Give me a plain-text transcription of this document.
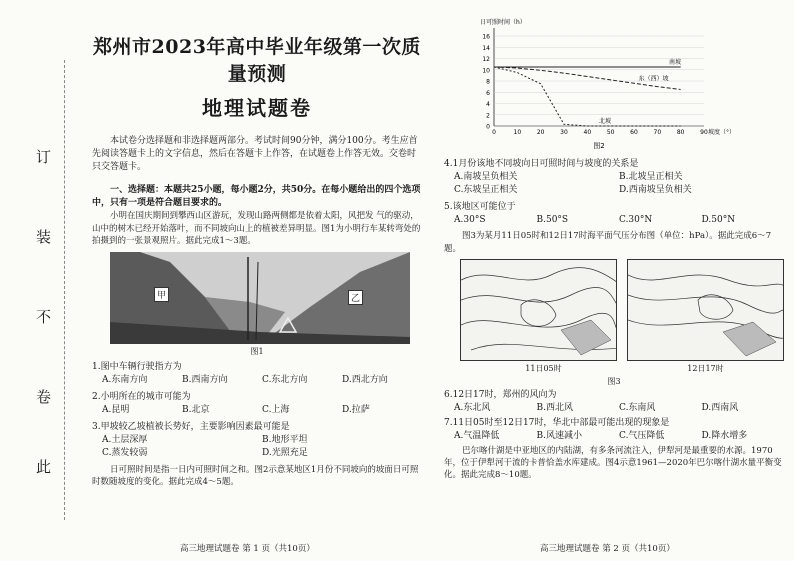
订
装
不
卷
此
郑州市2023年高中毕业年级第一次质量预测
地理试题卷

本试卷分选择题和非选择题两部分。考试时间90分钟，满分100分。考生应首先阅读答题卡上的文字信息，然后在答题卡上作答，在试题卷上作答无效。交卷时只交答题卡。

一、选择题：本题共25小题，每小题2分，共50分。在每小题给出的四个选项中，只有一项是符合题目要求的。

小明在国庆期间到攀西山区游玩，发现山路两侧都是依着太阳，风把发 气的驱动，山中的树木已经开始落叶，而不同坡向山上的植被差异明显。图1为小明行车某转弯处的拍摄到的一张景观照片。据此完成1～3题。

甲	乙
图1

1.图中车辆行驶指方为

A.东南方向	B.西南方向	C.东北方向	D.西北方向

2.小明所在的城市可能为

A.昆明	B.北京	C.上海	D.拉萨

3.甲坡较乙坡植被长势好，主要影响因素最可能是

A.土层深厚	B.地形平坦
C.蒸发较弱	D.光照充足

日可照时间是指一日内可照时间之和。图2示意某地区1月份不同坡向的坡面日可照时数随坡度的变化。据此完成4～5题。

高三地理试题卷 第 1 页（共10页）
0
2
4
6
8
10
12
14
16
0	10	20	30	40	50	60	70	80	90
日可照时间（h）
坡度（°）
南坡
东（西）坡
北坡
图2

4.1月份该地不同坡向日可照时间与坡度的关系是

A.南坡呈负相关	B.北坡呈正相关
C.东坡呈正相关	D.西南坡呈负相关

5.该地区可能位于

A.30°S	B.50°S	C.30°N	D.50°N

图3为某月11日05时和12日17时海平面气压分布图（单位：hPa）。据此完成6～7题。

11日05时	12日17时
图3

6.12日17时，郑州的风向为

A.东北风	B.西北风	C.东南风	D.西南风

7.11日05时至12日17时，华北中部最可能出现的现象是

A.气温降低	B.风速减小	C.气压降低	D.降水增多

巴尔喀什湖是中亚地区的内陆湖，有多条河流注入，伊犁河是最重要的水源。1970年，位于伊犁河干流的卡普恰盖水库建成。图4示意1961—2020年巴尔喀什湖水量平衡变化。据此完成8～10题。

高三地理试题卷 第 2 页（共10页）
